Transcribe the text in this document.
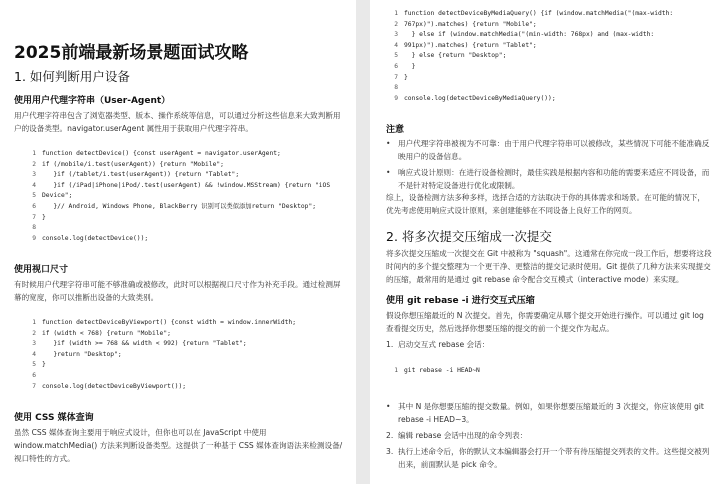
2025前端最新场景题面试攻略
1. 如何判断用户设备
使用用户代理字符串（User-Agent）

用户代理字符串包含了浏览器类型、版本、操作系统等信息，可以通过分析这些信息来大致判断用户的设备类型。navigator.userAgent 属性用于获取用户代理字符串。

1 function detectDevice() {const userAgent = navigator.userAgent;
2 if (/mobile/i.test(userAgent)) {return "Mobile";
3   }if (/tablet/i.test(userAgent)) {return "Tablet";
4   }if (/iPad|iPhone|iPod/.test(userAgent) && !window.MSStream) {return "iOS
5 Device";
6   }// Android, Windows Phone, BlackBerry 识别可以类似添加return "Desktop";
7 }
8
9 console.log(detectDevice());
使用视口尺寸

有时候用户代理字符串可能不够准确或被修改，此时可以根据视口尺寸作为补充手段。通过检测屏幕的宽度，你可以推断出设备的大致类别。

1 function detectDeviceByViewport() {const width = window.innerWidth;
2 if (width < 768) {return "Mobile";
3   }if (width >= 768 && width < 992) {return "Tablet";
4   }return "Desktop";
5 }
6
7 console.log(detectDeviceByViewport());
使用 CSS 媒体查询

虽然 CSS 媒体查询主要用于响应式设计，但你也可以在 JavaScript 中使用 window.matchMedia() 方法来判断设备类型。这提供了一种基于 CSS 媒体查询语法来检测设备/视口特性的方式。

1 function detectDeviceByMediaQuery() {if (window.matchMedia("(max-width:
2 767px)").matches) {return "Mobile";
3  } else if (window.matchMedia("(min-width: 768px) and (max-width:
4 991px)").matches) {return "Tablet";
5  } else {return "Desktop";
6  }
7 }
8
9 console.log(detectDeviceByMediaQuery());
注意
• 用户代理字符串被视为不可靠：由于用户代理字符串可以被修改，某些情况下可能不能准确反映用户的设备信息。
• 响应式设计原则：在进行设备检测时，最佳实践是根据内容和功能的需要来适应不同设备，而不是针对特定设备进行优化或限制。

综上，设备检测方法多种多样，选择合适的方法取决于你的具体需求和场景。在可能的情况下，优先考虑使用响应式设计原则，来创建能够在不同设备上良好工作的网页。

2. 将多次提交压缩成一次提交

将多次提交压缩成一次提交在 Git 中被称为 "squash"。这通常在你完成一段工作后，想要将这段时间内的多个提交整理为一个更干净、更整洁的提交记录时使用。Git 提供了几种方法来实现提交的压缩，最常用的是通过 git rebase 命令配合交互模式（interactive mode）来实现。

使用 git rebase -i 进行交互式压缩

假设你想压缩最近的 N 次提交。首先，你需要确定从哪个提交开始进行操作。可以通过 git log 查看提交历史，然后选择你想要压缩的提交的前一个提交作为起点。

1. 启动交互式 rebase 会话：
1 git rebase -i HEAD~N
• 其中 N 是你想要压缩的提交数量。例如，如果你想要压缩最近的 3 次提交，你应该使用 git rebase -i HEAD~3。
2. 编辑 rebase 会话中出现的命令列表：
3. 执行上述命令后，你的默认文本编辑器会打开一个带有待压缩提交列表的文件。这些提交被列出来，前面默认是 pick 命令。
